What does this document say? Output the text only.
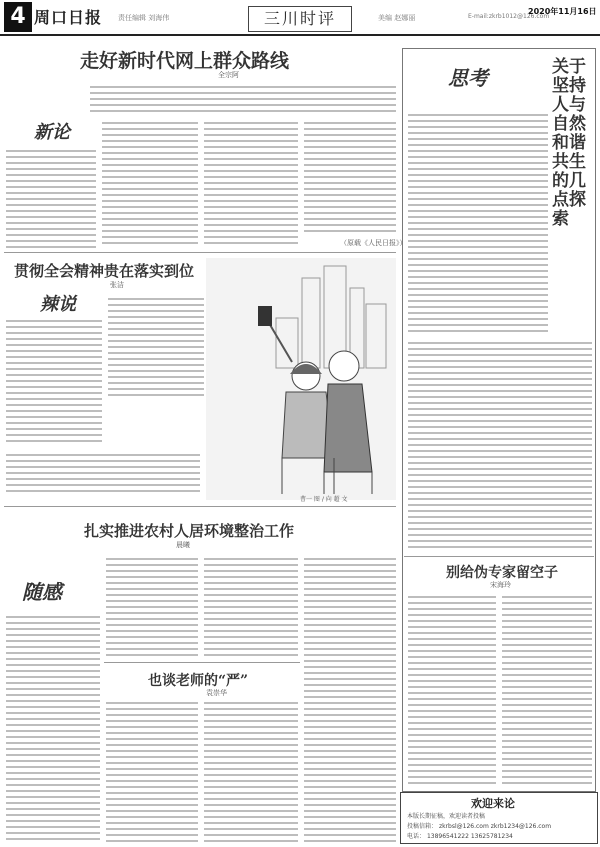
4 周口日报 责任编辑 刘海伟	三川时评	美编 赵娜丽	E-mail:zkrb1012@126.com
2020年11月16日
走好新时代网上群众路线
全宗阿
新论
（原载《人民日报》）
贯彻全会精神贵在落实到位
张洁
辣说
曹一 图 / 向 超 文
扎实推进农村人居环境整治工作
晨曦
随感
也谈老师的“严”
袁崇华
思考	关于坚持人与自然和谐共生的几点探索
别给伪专家留空子
宋海玲
欢迎来论
本版长期征稿，欢迎读者投稿
投稿信箱： zkrbsl@126.com zkrb1234@126.com
电话： 13896541222 13625781234
